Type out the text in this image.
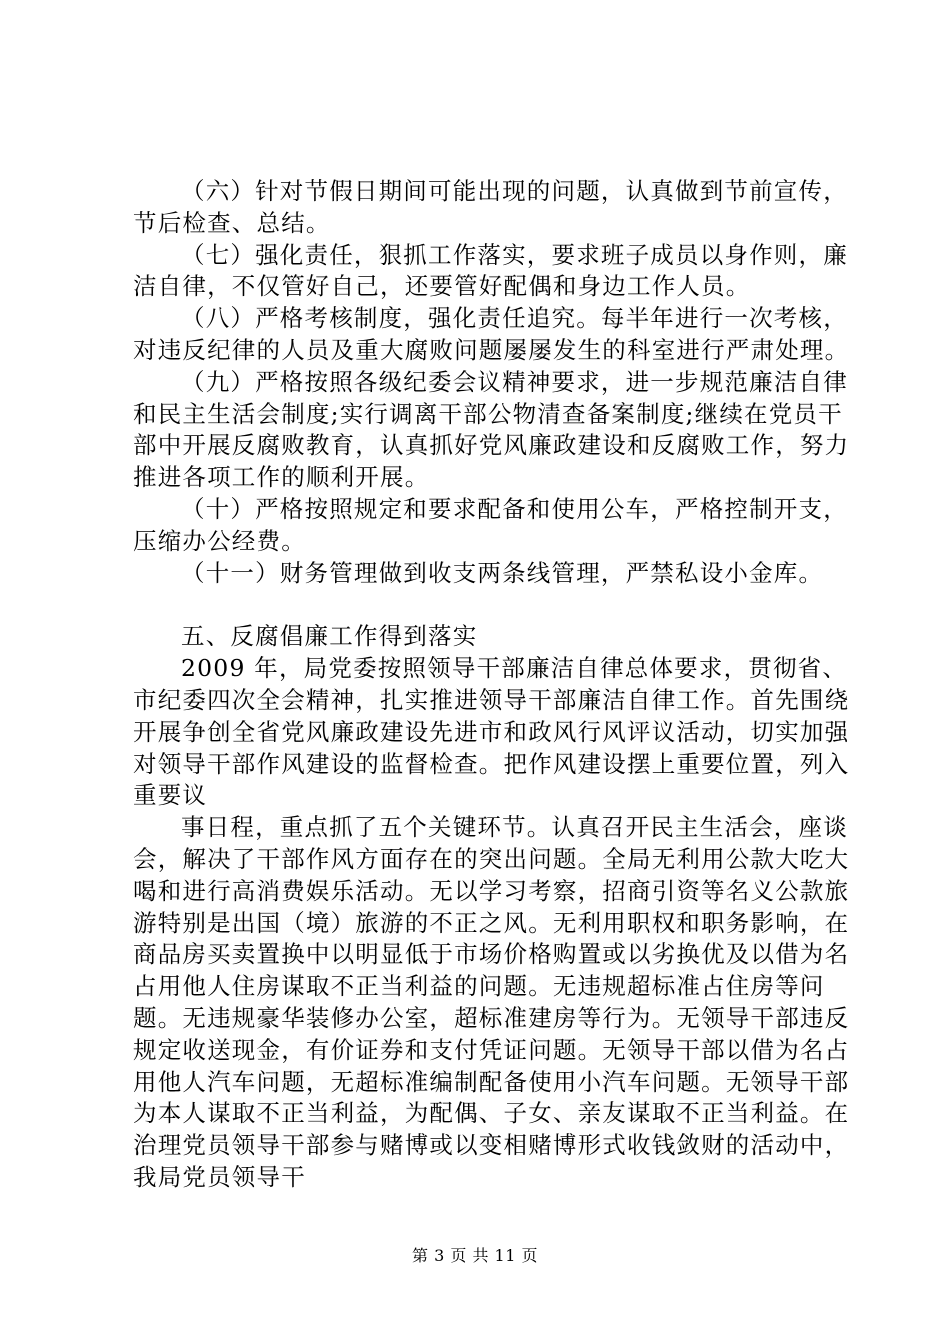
（六）针对节假日期间可能出现的问题，认真做到节前宣传，节后检查、总结。

（七）强化责任，狠抓工作落实，要求班子成员以身作则，廉洁自律，不仅管好自己，还要管好配偶和身边工作人员。

（八）严格考核制度，强化责任追究。每半年进行一次考核，对违反纪律的人员及重大腐败问题屡屡发生的科室进行严肃处理。

（九）严格按照各级纪委会议精神要求，进一步规范廉洁自律和民主生活会制度;实行调离干部公物清查备案制度;继续在党员干部中开展反腐败教育，认真抓好党风廉政建设和反腐败工作，努力推进各项工作的顺利开展。

（十）严格按照规定和要求配备和使用公车，严格控制开支，压缩办公经费。

（十一）财务管理做到收支两条线管理，严禁私设小金库。

五、反腐倡廉工作得到落实

2009 年，局党委按照领导干部廉洁自律总体要求，贯彻省、市纪委四次全会精神，扎实推进领导干部廉洁自律工作。首先围绕开展争创全省党风廉政建设先进市和政风行风评议活动，切实加强对领导干部作风建设的监督检查。把作风建设摆上重要位置，列入重要议

事日程，重点抓了五个关键环节。认真召开民主生活会，座谈会，解决了干部作风方面存在的突出问题。全局无利用公款大吃大喝和进行高消费娱乐活动。无以学习考察，招商引资等名义公款旅游特别是出国（境）旅游的不正之风。无利用职权和职务影响，在商品房买卖置换中以明显低于市场价格购置或以劣换优及以借为名占用他人住房谋取不正当利益的问题。无违规超标准占住房等问题。无违规豪华装修办公室，超标准建房等行为。无领导干部违反规定收送现金，有价证券和支付凭证问题。无领导干部以借为名占用他人汽车问题，无超标准编制配备使用小汽车问题。无领导干部为本人谋取不正当利益，为配偶、子女、亲友谋取不正当利益。在治理党员领导干部参与赌博或以变相赌博形式收钱敛财的活动中，我局党员领导干

第 3 页 共 11 页
